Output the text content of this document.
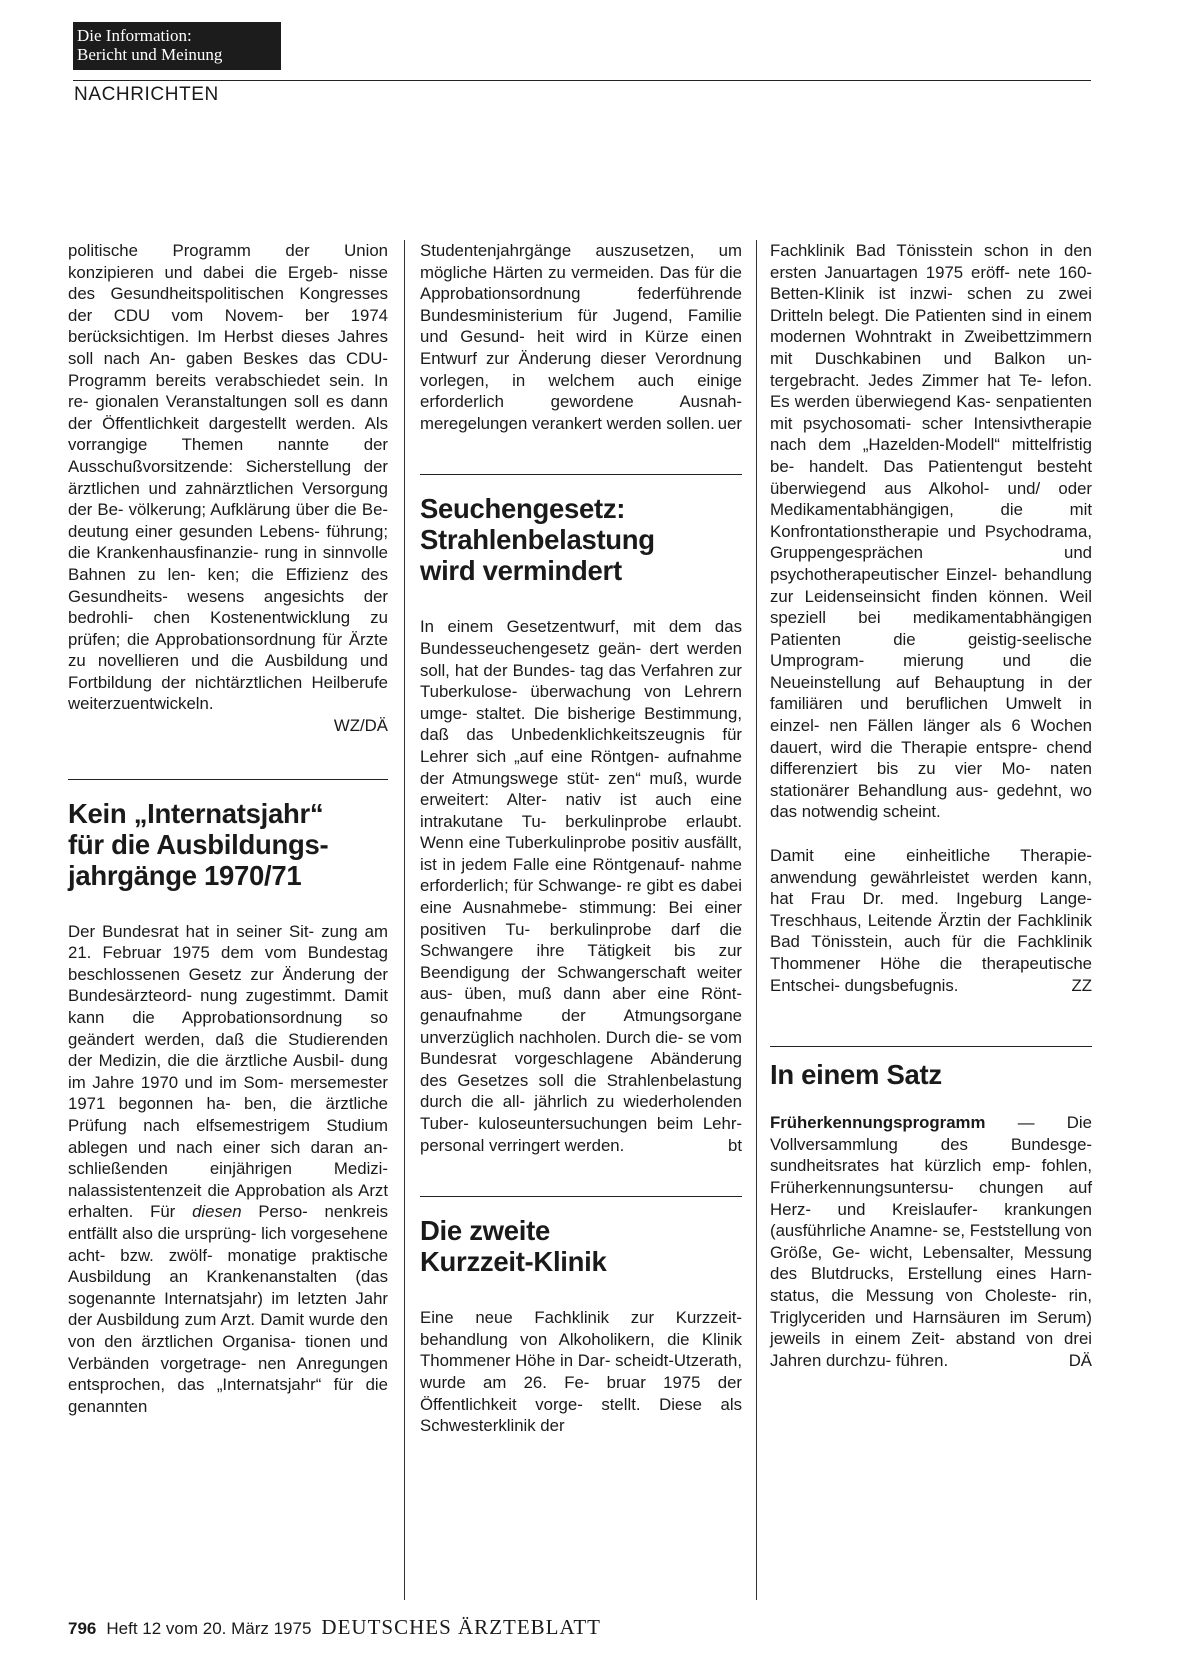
Die Information:
Bericht und Meinung
NACHRICHTEN

politische Programm der Union konzipieren und dabei die Ergeb- nisse des Gesundheitspolitischen Kongresses der CDU vom Novem- ber 1974 berücksichtigen. Im Herbst dieses Jahres soll nach An- gaben Beskes das CDU-Programm bereits verabschiedet sein. In re- gionalen Veranstaltungen soll es dann der Öffentlichkeit dargestellt werden. Als vorrangige Themen nannte der Ausschußvorsitzende: Sicherstellung der ärztlichen und zahnärztlichen Versorgung der Be- völkerung; Aufklärung über die Be- deutung einer gesunden Lebens- führung; die Krankenhausfinanzie- rung in sinnvolle Bahnen zu len- ken; die Effizienz des Gesundheits- wesens angesichts der bedrohli- chen Kostenentwicklung zu prüfen; die Approbationsordnung für Ärzte zu novellieren und die Ausbildung und Fortbildung der nichtärztlichen Heilberufe weiterzuentwickeln.

WZ/DÄ

Kein „Internatsjahr“
für die Ausbildungs-
jahrgänge 1970/71

Der Bundesrat hat in seiner Sit- zung am 21. Februar 1975 dem vom Bundestag beschlossenen Gesetz zur Änderung der Bundesärzteord- nung zugestimmt. Damit kann die Approbationsordnung so geändert werden, daß die Studierenden der Medizin, die die ärztliche Ausbil- dung im Jahre 1970 und im Som- mersemester 1971 begonnen ha- ben, die ärztliche Prüfung nach elfsemestrigem Studium ablegen und nach einer sich daran an- schließenden einjährigen Medizi- nalassistentenzeit die Approbation als Arzt erhalten. Für diesen Perso- nenkreis entfällt also die ursprüng- lich vorgesehene acht- bzw. zwölf- monatige praktische Ausbildung an Krankenanstalten (das sogenannte Internatsjahr) im letzten Jahr der Ausbildung zum Arzt. Damit wurde den von den ärztlichen Organisa- tionen und Verbänden vorgetrage- nen Anregungen entsprochen, das „Internatsjahr“ für die genannten

Studentenjahrgänge auszusetzen, um mögliche Härten zu vermeiden. Das für die Approbationsordnung federführende Bundesministerium für Jugend, Familie und Gesund- heit wird in Kürze einen Entwurf zur Änderung dieser Verordnung vorlegen, in welchem auch einige erforderlich gewordene Ausnah- meregelungen verankert werden sollen. uer

Seuchengesetz:
Strahlenbelastung
wird vermindert

In einem Gesetzentwurf, mit dem das Bundesseuchengesetz geän- dert werden soll, hat der Bundes- tag das Verfahren zur Tuberkulose- überwachung von Lehrern umge- staltet. Die bisherige Bestimmung, daß das Unbedenklichkeitszeugnis für Lehrer sich „auf eine Röntgen- aufnahme der Atmungswege stüt- zen“ muß, wurde erweitert: Alter- nativ ist auch eine intrakutane Tu- berkulinprobe erlaubt. Wenn eine Tuberkulinprobe positiv ausfällt, ist in jedem Falle eine Röntgenauf- nahme erforderlich; für Schwange- re gibt es dabei eine Ausnahmebe- stimmung: Bei einer positiven Tu- berkulinprobe darf die Schwangere ihre Tätigkeit bis zur Beendigung der Schwangerschaft weiter aus- üben, muß dann aber eine Rönt- genaufnahme der Atmungsorgane unverzüglich nachholen. Durch die- se vom Bundesrat vorgeschlagene Abänderung des Gesetzes soll die Strahlenbelastung durch die all- jährlich zu wiederholenden Tuber- kuloseuntersuchungen beim Lehr- personal verringert werden.	bt

Die zweite
Kurzzeit-Klinik

Eine neue Fachklinik zur Kurzzeit- behandlung von Alkoholikern, die Klinik Thommener Höhe in Dar- scheidt-Utzerath, wurde am 26. Fe- bruar 1975 der Öffentlichkeit vorge- stellt. Diese als Schwesterklinik der

Fachklinik Bad Tönisstein schon in den ersten Januartagen 1975 eröff- nete 160-Betten-Klinik ist inzwi- schen zu zwei Dritteln belegt. Die Patienten sind in einem modernen Wohntrakt in Zweibettzimmern mit Duschkabinen und Balkon un- tergebracht. Jedes Zimmer hat Te- lefon. Es werden überwiegend Kas- senpatienten mit psychosomati- scher Intensivtherapie nach dem „Hazelden-Modell“ mittelfristig be- handelt. Das Patientengut besteht überwiegend aus Alkohol- und/ oder Medikamentabhängigen, die mit Konfrontationstherapie und Psychodrama, Gruppengesprächen und psychotherapeutischer Einzel- behandlung zur Leidenseinsicht finden können. Weil speziell bei medikamentabhängigen Patienten die geistig-seelische Umprogram- mierung und die Neueinstellung auf Behauptung in der familiären und beruflichen Umwelt in einzel- nen Fällen länger als 6 Wochen dauert, wird die Therapie entspre- chend differenziert bis zu vier Mo- naten stationärer Behandlung aus- gedehnt, wo das notwendig scheint.

Damit eine einheitliche Therapie- anwendung gewährleistet werden kann, hat Frau Dr. med. Ingeburg Lange-Treschhaus, Leitende Ärztin der Fachklinik Bad Tönisstein, auch für die Fachklinik Thommener Höhe die therapeutische Entschei- dungsbefugnis.	ZZ

In einem Satz

Früherkennungsprogramm — Die Vollversammlung des Bundesge- sundheitsrates hat kürzlich emp- fohlen, Früherkennungsuntersu- chungen auf Herz- und Kreislaufer- krankungen (ausführliche Anamne- se, Feststellung von Größe, Ge- wicht, Lebensalter, Messung des Blutdrucks, Erstellung eines Harn- status, die Messung von Choleste- rin, Triglyceriden und Harnsäuren im Serum) jeweils in einem Zeit- abstand von drei Jahren durchzu- führen.	DÄ

796 Heft 12 vom 20. März 1975 DEUTSCHES ÄRZTEBLATT
